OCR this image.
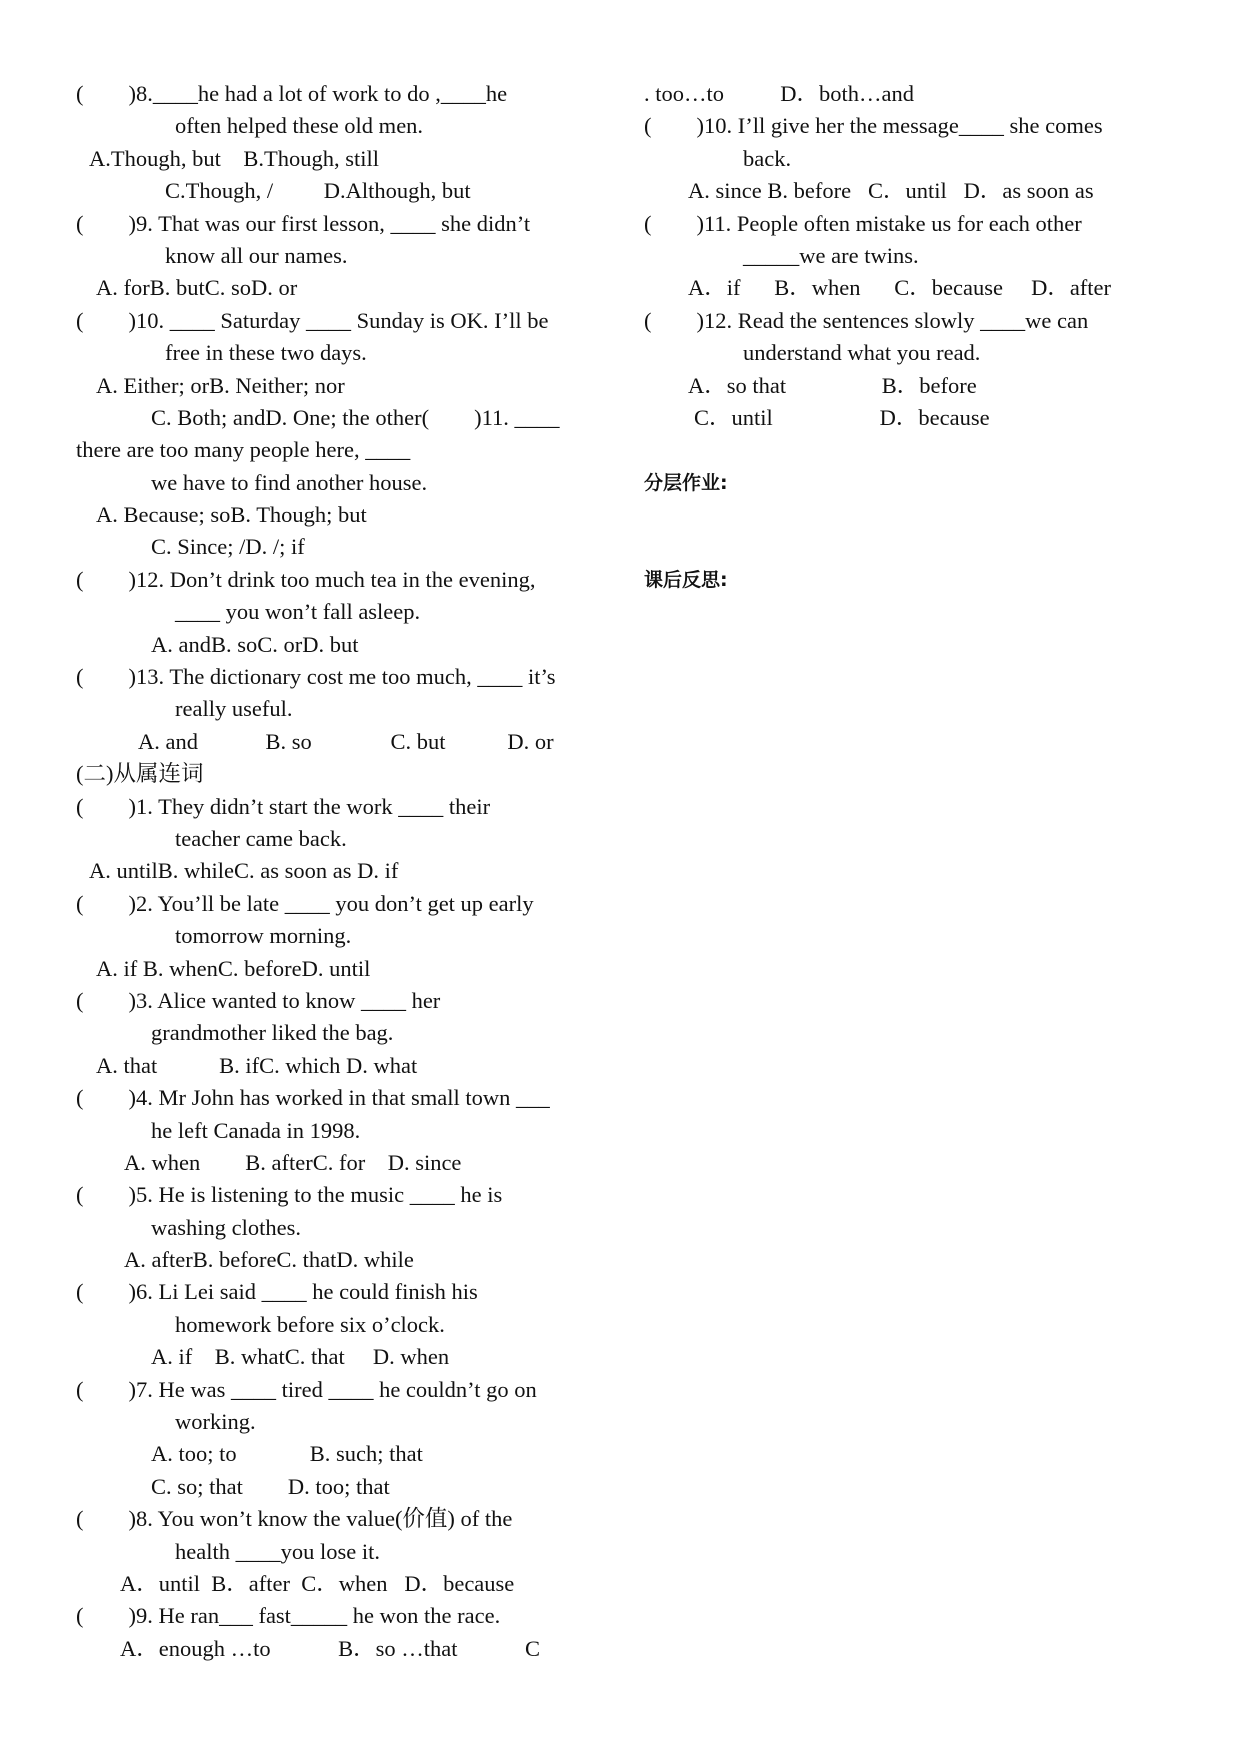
(        )8.____he had a lot of work to do ,____he
often helped these old men.
A.Though, but    B.Though, still
C.Though, /         D.Although, but
(        )9. That was our first lesson, ____ she didn’t
know all our names.
A. forB. butC. soD. or
(        )10. ____ Saturday ____ Sunday is OK. I’ll be
free in these two days.
A. Either; orB. Neither; nor
C. Both; andD. One; the other(        )11. ____
there are too many people here, ____
we have to find another house.
A. Because; soB. Though; but
C. Since; /D. /; if
(        )12. Don’t drink too much tea in the evening,
____ you won’t fall asleep.
A. andB. soC. orD. but
(        )13. The dictionary cost me too much, ____ it’s
really useful.
A. and            B. so              C. but           D. or
(二)从属连词
(        )1. They didn’t start the work ____ their
teacher came back.
A. untilB. whileC. as soon as D. if
(        )2. You’ll be late ____ you don’t get up early
tomorrow morning.
A. if B. whenC. beforeD. until
(        )3. Alice wanted to know ____ her
grandmother liked the bag.
A. that           B. ifC. which D. what
(        )4. Mr John has worked in that small town ___
he left Canada in 1998.
A. when        B. afterC. for    D. since
(        )5. He is listening to the music ____ he is
washing clothes.
A. afterB. beforeC. thatD. while
(        )6. Li Lei said ____ he could finish his
homework before six o’clock.
A. if    B. whatC. that     D. when
(        )7. He was ____ tired ____ he couldn’t go on
working.
A. too; to             B. such; that
C. so; that        D. too; that
(        )8. You won’t know the value(价值) of the
health ____you lose it.
A．until  B．after  C．when   D．because
(        )9. He ran___ fast_____ he won the race.
A．enough …to            B．so …that            C
. too…to          D．both…and
(        )10. I’ll give her the message____ she comes
back.
A. since B. before   C．until   D．as soon as
(        )11. People often mistake us for each other
_____we are twins.
A．if      B．when      C．because     D．after
(        )12. Read the sentences slowly ____we can
understand what you read.
A．so that                 B．before
C．until                   D．because
分层作业:
课后反思:
